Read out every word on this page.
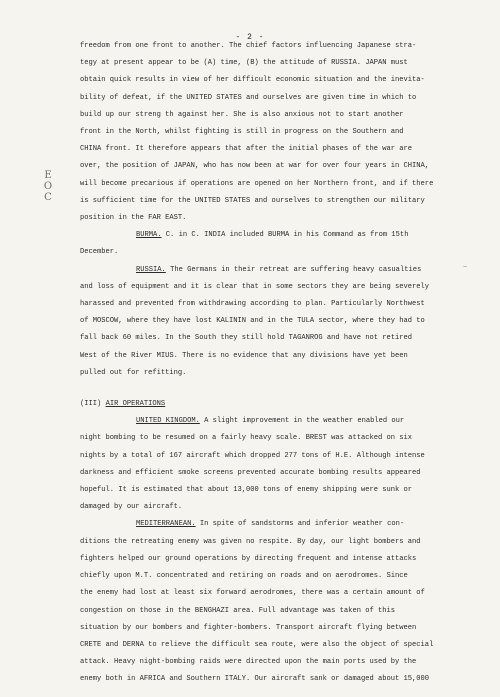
- 2 -
E
O
C
~
freedom from one front to another. The chief factors influencing Japanese stra-
tegy at present appear to be (A) time, (B) the attitude of RUSSIA. JAPAN must
obtain quick results in view of her difficult economic situation and the inevita-
bility of defeat, if the UNITED STATES and ourselves are given time in which to
build up our streng th against her. She is also anxious not to start another
front in the North, whilst fighting is still in progress on the Southern and
CHINA front. It therefore appears that after the initial phases of the war are
over, the position of JAPAN, who has now been at war for over four years in CHINA,
will become precarious if operations are opened on her Northern front, and if there
is sufficient time for the UNITED STATES and ourselves to strengthen our military
position in the FAR EAST.
BURMA. C. in C. INDIA included BURMA in his Command as from 15th
December.
RUSSIA. The Germans in their retreat are suffering heavy casualties
and loss of equipment and it is clear that in some sectors they are being severely
harassed and prevented from withdrawing according to plan. Particularly Northwest
of MOSCOW, where they have lost KALININ and in the TULA sector, where they had to
fall back 60 miles. In the South they still hold TAGANROG and have not retired
West of the River MIUS. There is no evidence that any divisions have yet been
pulled out for refitting.
(III) AIR OPERATIONS
UNITED KINGDOM. A slight improvement in the weather enabled our
night bombing to be resumed on a fairly heavy scale. BREST was attacked on six
nights by a total of 167 aircraft which dropped 277 tons of H.E. Although intense
darkness and efficient smoke screens prevented accurate bombing results appeared
hopeful. It is estimated that about 13,000 tons of enemy shipping were sunk or
damaged by our aircraft.
MEDITERRANEAN. In spite of sandstorms and inferior weather con-
ditions the retreating enemy was given no respite. By day, our light bombers and
fighters helped our ground operations by directing frequent and intense attacks
chiefly upon M.T. concentrated and retiring on roads and on aerodromes. Since
the enemy had lost at least six forward aerodromes, there was a certain amount of
congestion on those in the BENGHAZI area. Full advantage was taken of this
situation by our bombers and fighter-bombers. Transport aircraft flying between
CRETE and DERNA to relieve the difficult sea route, were also the object of special
attack. Heavy night-bombing raids were directed upon the main ports used by the
enemy both in AFRICA and Southern ITALY. Our aircraft sank or damaged about 15,000
